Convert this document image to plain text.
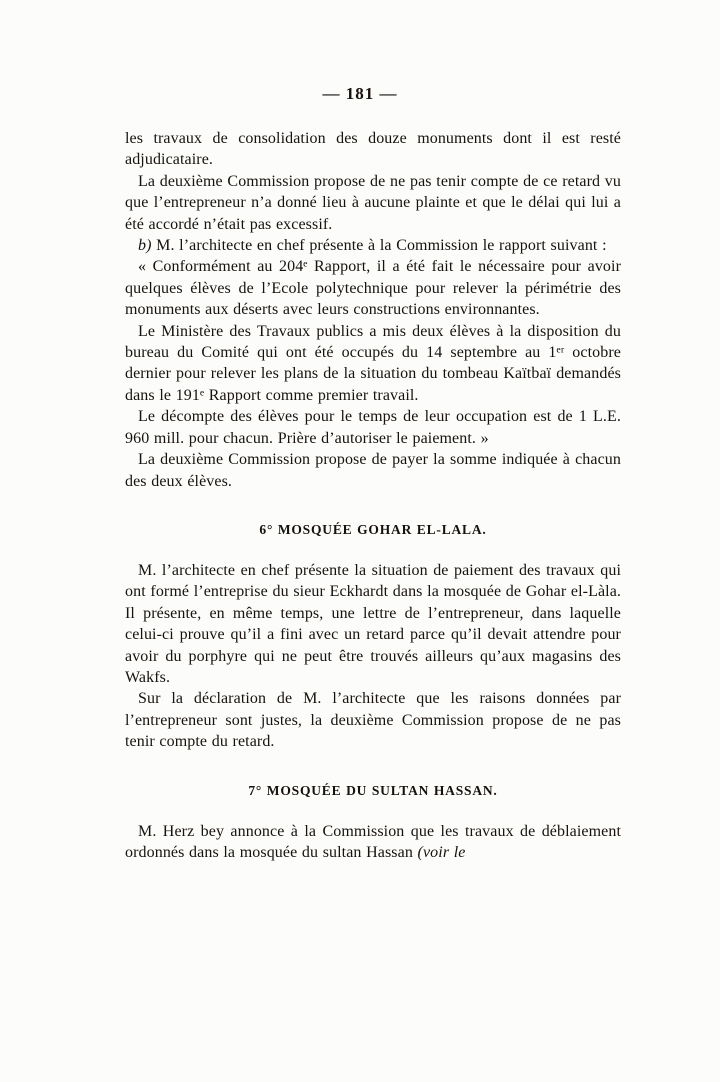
— 181 —

les travaux de consolidation des douze monuments dont il est resté adjudicataire.

La deuxième Commission propose de ne pas tenir compte de ce retard vu que l’entrepreneur n’a donné lieu à aucune plainte et que le délai qui lui a été accordé n’était pas excessif.

b) M. l’architecte en chef présente à la Commission le rapport suivant :

« Conformément au 204ᵉ Rapport, il a été fait le nécessaire pour avoir quelques élèves de l’Ecole polytechnique pour relever la périmétrie des monuments aux déserts avec leurs constructions environnantes.

Le Ministère des Travaux publics a mis deux élèves à la disposition du bureau du Comité qui ont été occupés du 14 septembre au 1ᵉʳ octobre dernier pour relever les plans de la situation du tombeau Kaïtbaï demandés dans le 191ᵉ Rapport comme premier travail.

Le décompte des élèves pour le temps de leur occupation est de 1 L.E. 960 mill. pour chacun. Prière d’autoriser le paiement. »

La deuxième Commission propose de payer la somme indiquée à chacun des deux élèves.

6° MOSQUÉE GOHAR EL-LALA.

M. l’architecte en chef présente la situation de paiement des travaux qui ont formé l’entreprise du sieur Eckhardt dans la mosquée de Gohar el-Làla. Il présente, en même temps, une lettre de l’entrepreneur, dans laquelle celui-ci prouve qu’il a fini avec un retard parce qu’il devait attendre pour avoir du porphyre qui ne peut être trouvés ailleurs qu’aux magasins des Wakfs.

Sur la déclaration de M. l’architecte que les raisons données par l’entrepreneur sont justes, la deuxième Commission propose de ne pas tenir compte du retard.

7° MOSQUÉE DU SULTAN HASSAN.

M. Herz bey annonce à la Commission que les travaux de déblaiement ordonnés dans la mosquée du sultan Hassan (voir le
